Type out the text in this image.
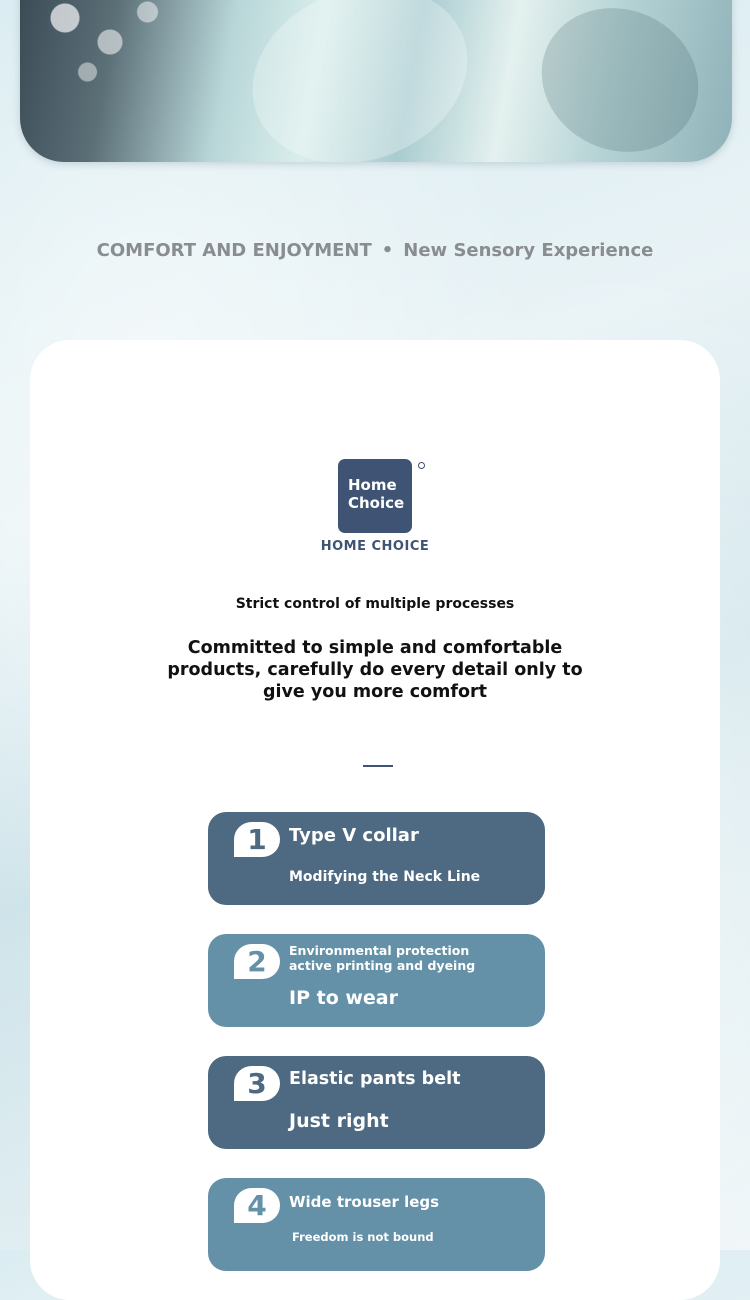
COMFORT AND ENJOYMENT • New Sensory Experience
Home
Choice
HOME CHOICE
Strict control of multiple processes
Committed to simple and comfortable products, carefully do every detail only to give you more comfort
1	Type V collar
Modifying the Neck Line
2	Environmental protection
active printing and dyeing
IP to wear
3	Elastic pants belt
Just right
4	Wide trouser legs
Freedom is not bound
